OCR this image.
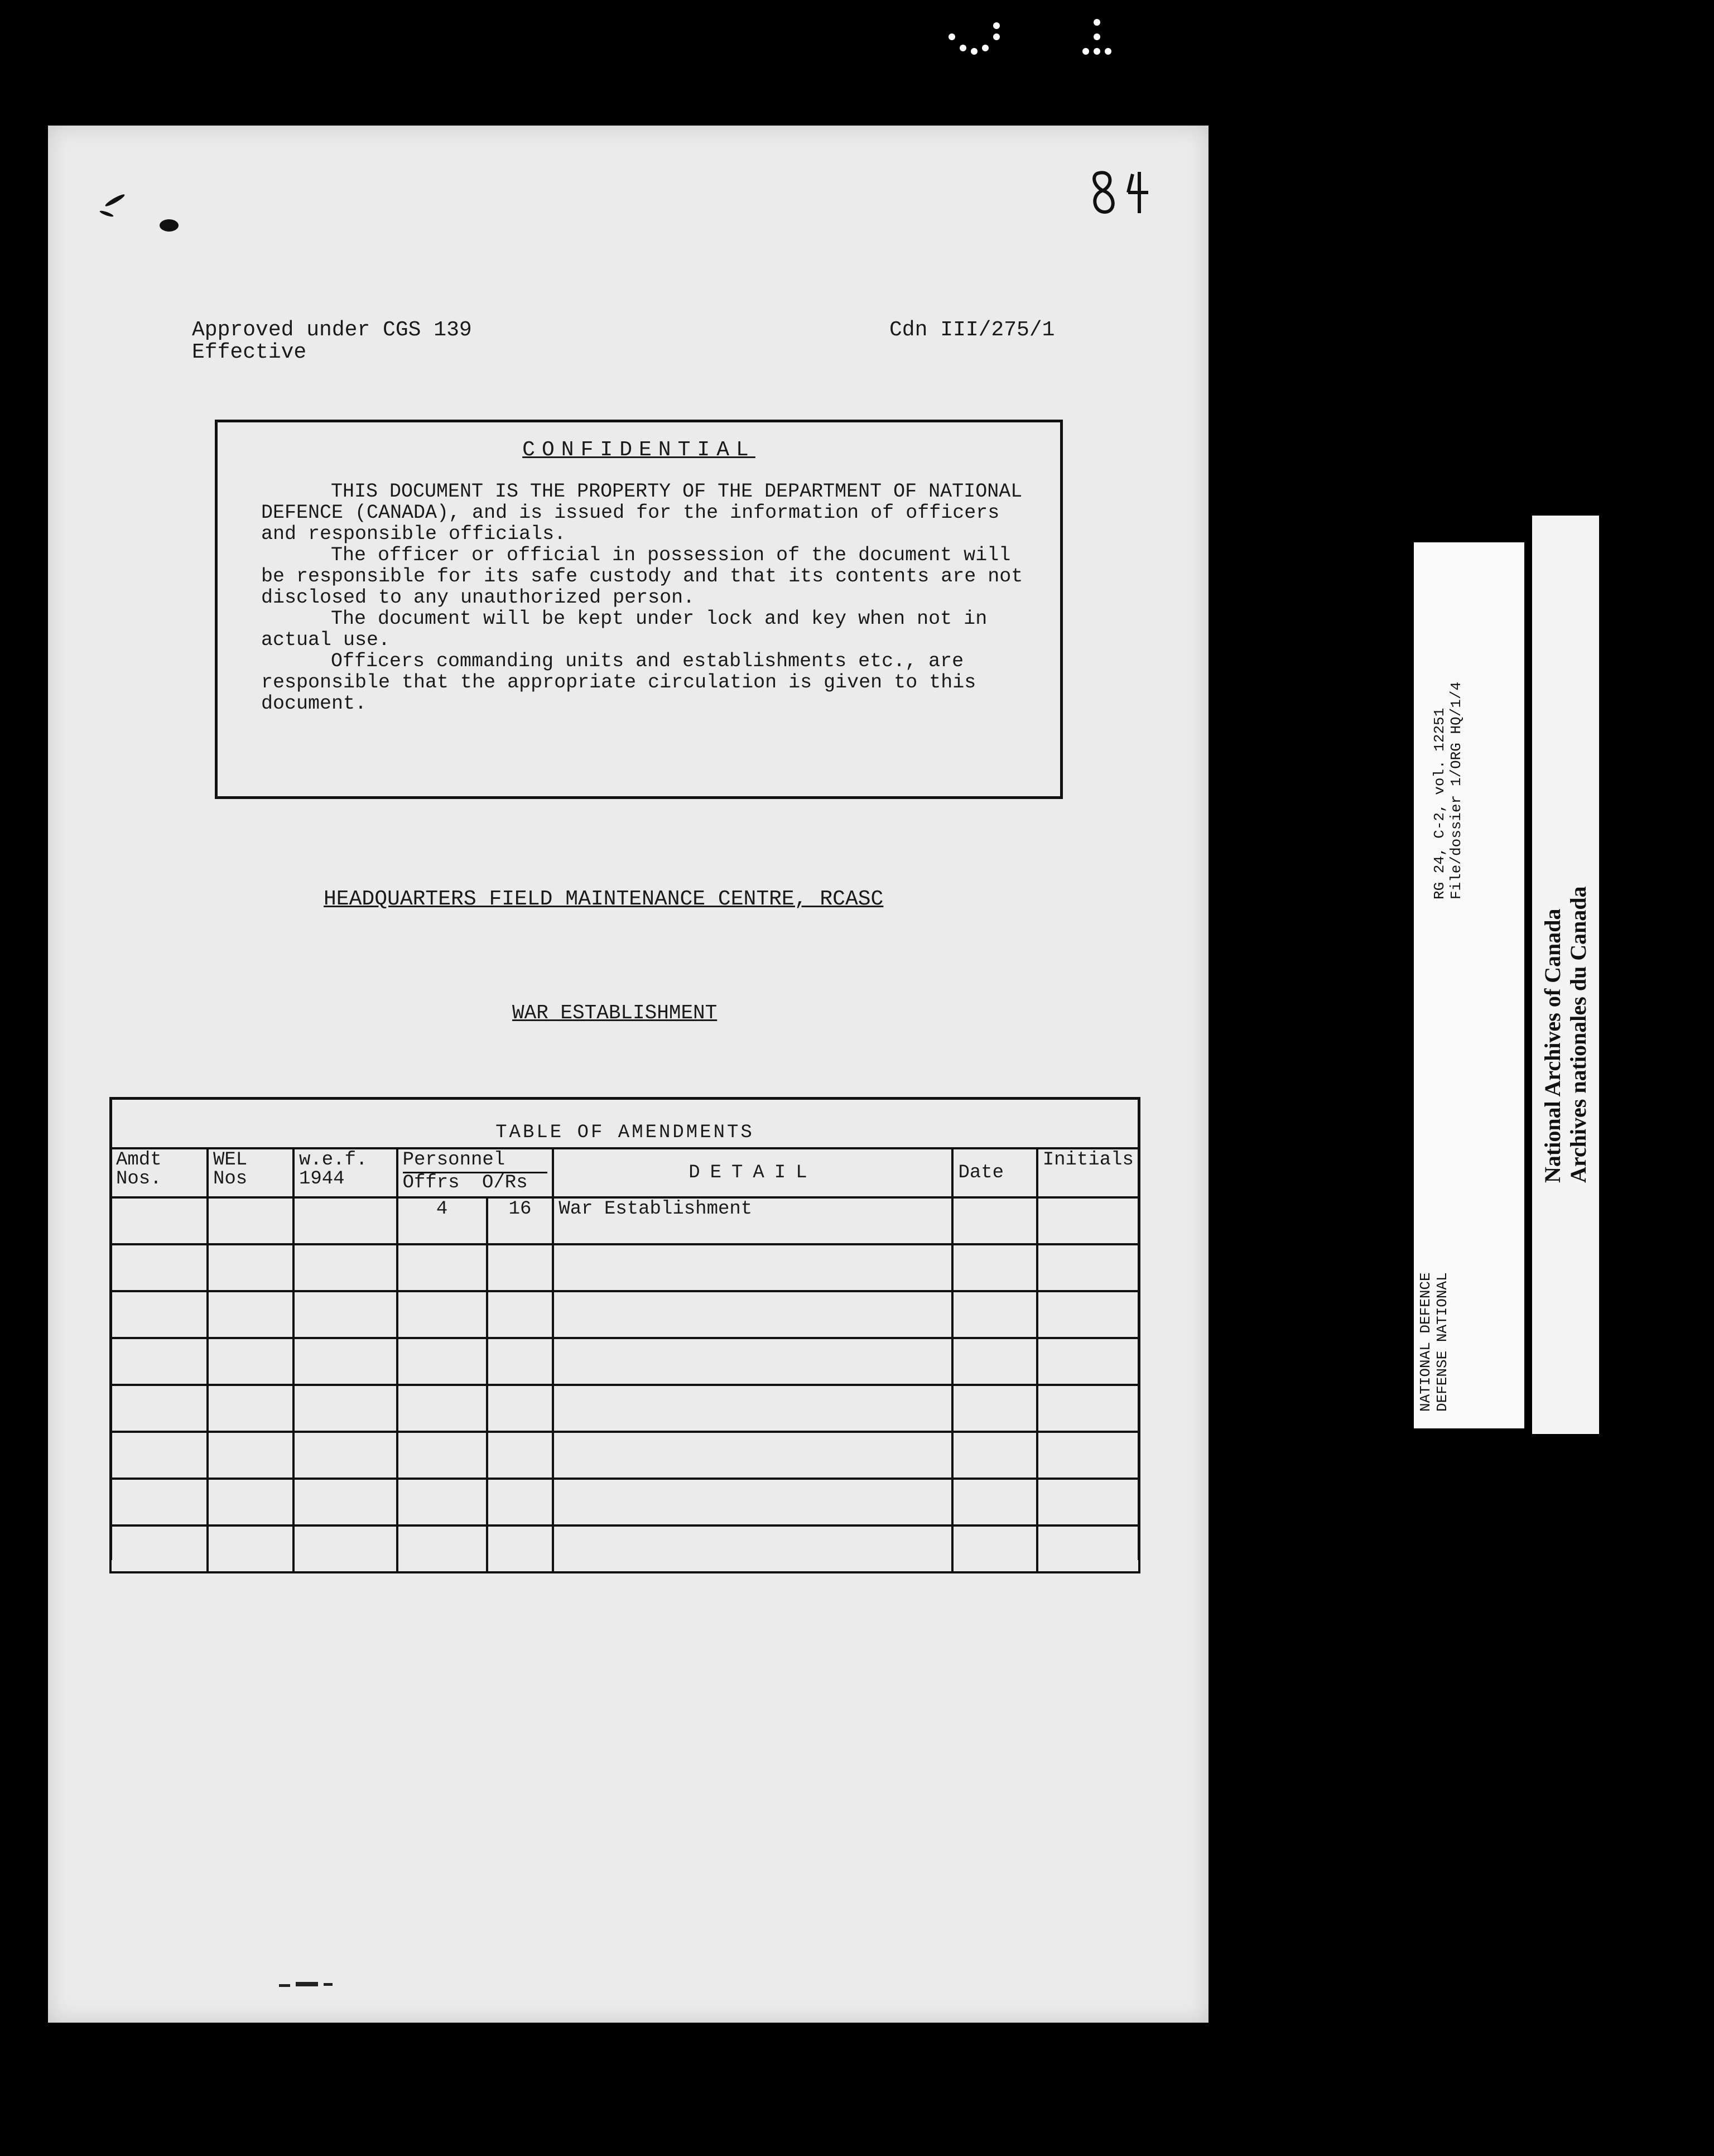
Approved under CGS 139
Effective
Cdn III/275/1
CONFIDENTIAL

THIS DOCUMENT IS THE PROPERTY OF THE DEPARTMENT OF NATIONAL DEFENCE (CANADA), and is issued for the information of officers and responsible officials.

The officer or official in possession of the document will be responsible for its safe custody and that its contents are not disclosed to any unauthorized person.

The document will be kept under lock and key when not in actual use.

Officers commanding units and establishments etc., are responsible that the appropriate circulation is given to this document.

HEADQUARTERS FIELD MAINTENANCE CENTRE, RCASC
WAR ESTABLISHMENT
TABLE OF AMENDMENTS
Amdt Nos.	WEL Nos	w.e.f. 1944	Personnel
Offrs O/Rs		DETAIL	Date	Initials
			4	16	War Establishment		

RG 24, C-2, vol. 12251 File/dossier 1/ORG HQ/1/4
NATIONAL DEFENCE DEFENSE NATIONAL
National Archives of Canada Archives nationales du Canada
